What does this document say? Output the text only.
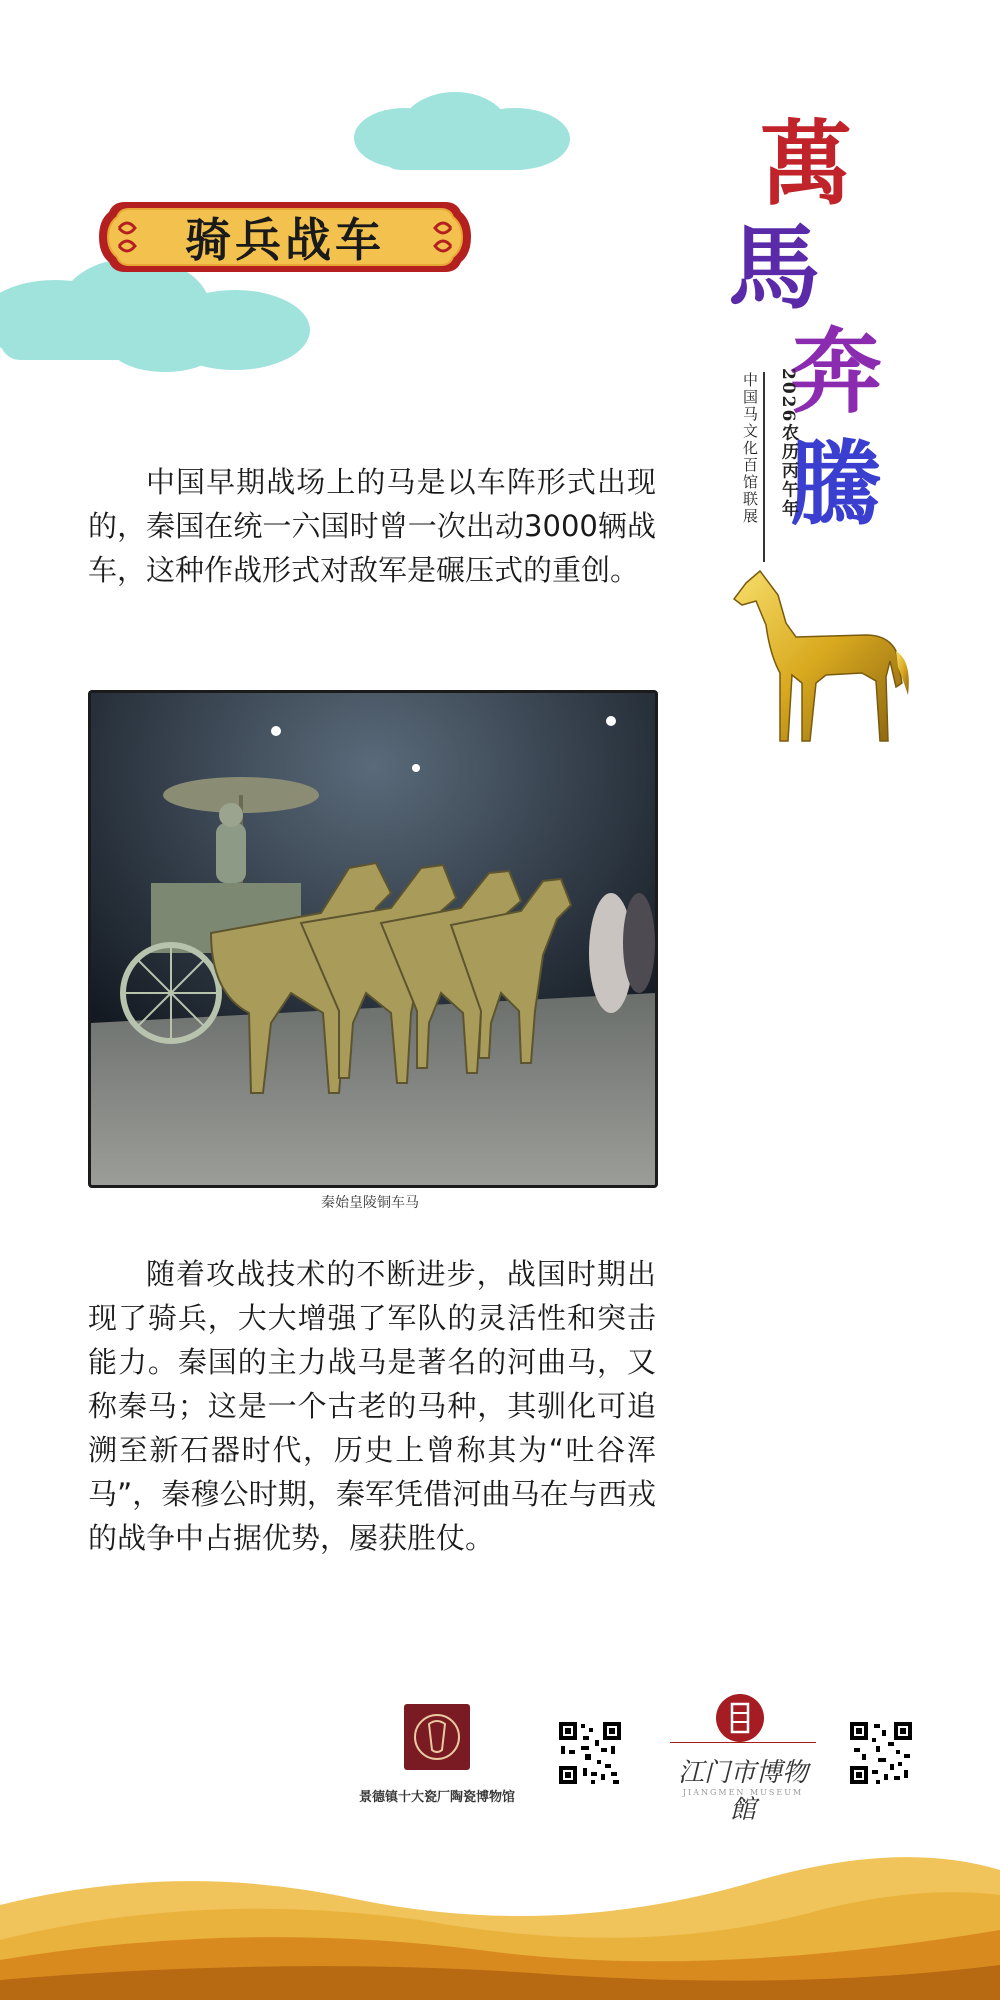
骑兵战车
萬
馬
奔
騰
2026农历丙午年
中国马文化百馆联展
中国早期战场上的马是以车阵形式出现的，秦国在统一六国时曾一次出动3000辆战车，这种作战形式对敌军是碾压式的重创。
秦始皇陵铜车马
随着攻战技术的不断进步，战国时期出现了骑兵，大大增强了军队的灵活性和突击能力。秦国的主力战马是著名的河曲马，又称秦马；这是一个古老的马种，其驯化可追溯至新石器时代，历史上曾称其为“吐谷浑马”，秦穆公时期，秦军凭借河曲马在与西戎的战争中占据优势，屡获胜仗。
景德镇十大瓷厂陶瓷博物馆
江门市博物館
JIANGMEN MUSEUM
